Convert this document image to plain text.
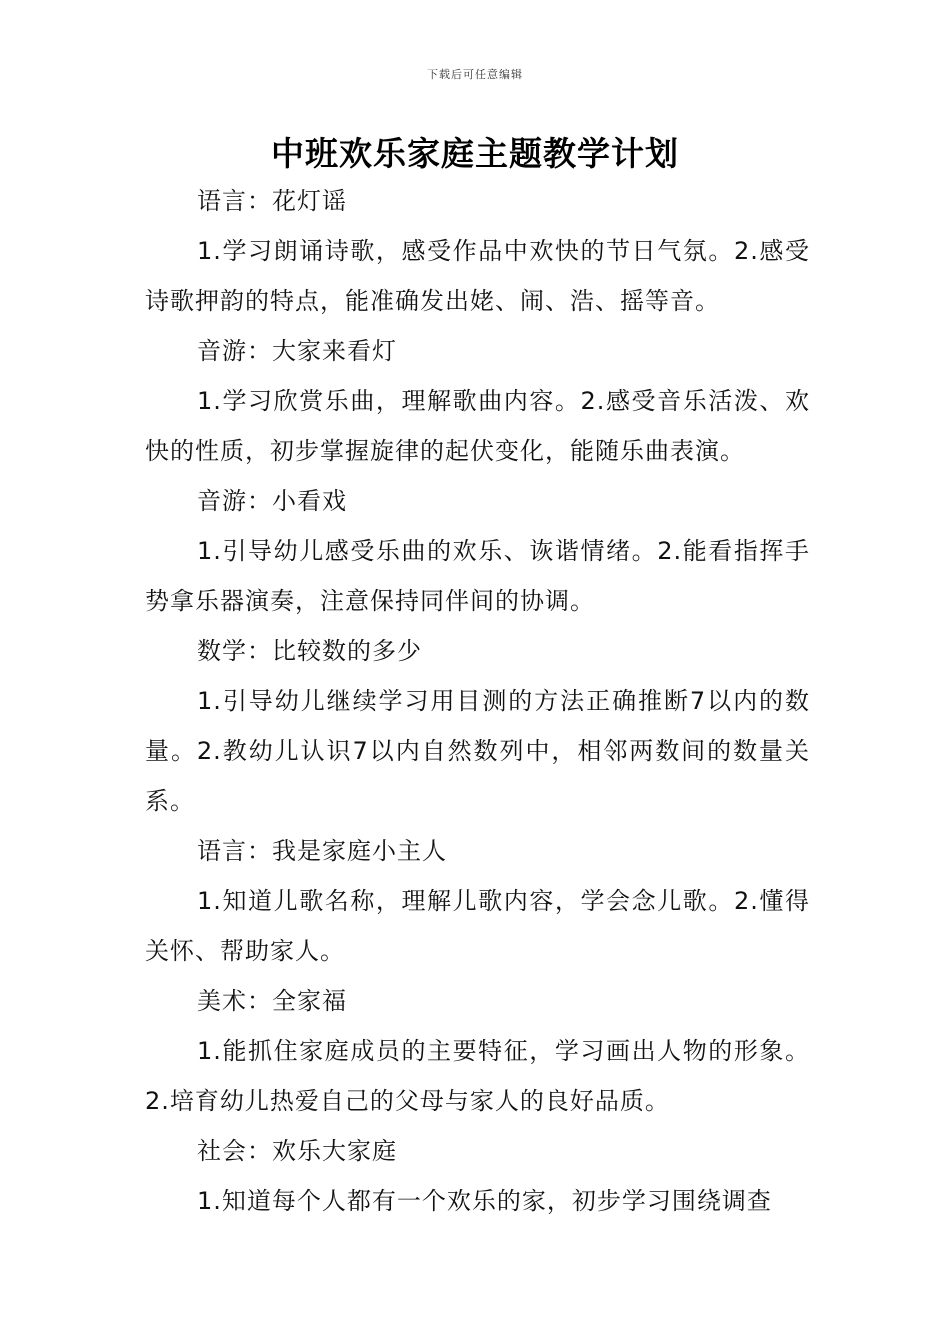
下载后可任意编辑
中班欢乐家庭主题教学计划

语言：花灯谣

1.学习朗诵诗歌，感受作品中欢快的节日气氛。2.感受诗歌押韵的特点，能准确发出姥、闹、浩、摇等音。

音游：大家来看灯

1.学习欣赏乐曲，理解歌曲内容。2.感受音乐活泼、欢快的性质，初步掌握旋律的起伏变化，能随乐曲表演。

音游：小看戏

1.引导幼儿感受乐曲的欢乐、诙谐情绪。2.能看指挥手势拿乐器演奏，注意保持同伴间的协调。

数学：比较数的多少

1.引导幼儿继续学习用目测的方法正确推断7以内的数量。2.教幼儿认识7以内自然数列中，相邻两数间的数量关系。

语言：我是家庭小主人

1.知道儿歌名称，理解儿歌内容，学会念儿歌。2.懂得关怀、帮助家人。

美术：全家福

1.能抓住家庭成员的主要特征，学习画出人物的形象。2.培育幼儿热爱自己的父母与家人的良好品质。

社会：欢乐大家庭

1.知道每个人都有一个欢乐的家，初步学习围绕调查
